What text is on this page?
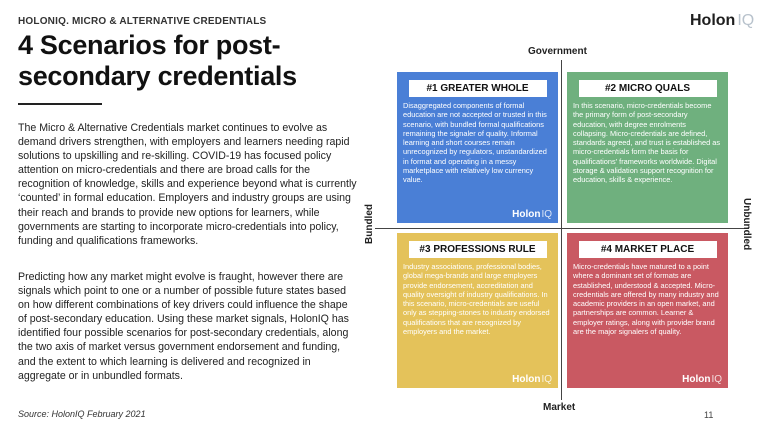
HOLONIQ. MICRO & ALTERNATIVE CREDENTIALS	Holon IQ
4 Scenarios for post-secondary credentials

The Micro & Alternative Credentials market continues to evolve as demand drivers strengthen, with employers and learners needing rapid solutions to upskilling and re-skilling. COVID-19 has focused policy attention on micro-credentials and there are broad calls for the recognition of knowledge, skills and experience beyond what is currently ‘counted’ in formal education. Employers and industry groups are using their reach and brands to provide new options for learners, while governments are starting to incorporate micro-credentials into policy, funding and qualifications frameworks.

Predicting how any market might evolve is fraught, however there are signals which point to one or a number of possible future states based on how different combinations of key drivers could influence the shape of post-secondary education. Using these market signals, HolonIQ has identified four possible scenarios for post-secondary credentials, along the two axis of market versus government endorsement and funding, and the extent to which learning is delivered and recognized in aggregate or in unbundled formats.

Source: HolonIQ February 2021	11
Government
Market
Bundled	Unbundled
#1 GREATER WHOLE

Disaggregated components of formal education are not accepted or trusted in this scenario, with bundled formal qualifications remaining the signaler of quality. Informal learning and short courses remain unrecognized by regulators, unstandardized in format and operating in a messy marketplace with relatively low currency value.

HolonIQ
#2 MICRO QUALS

In this scenario, micro-credentials become the primary form of post-secondary education, with degree enrolments collapsing. Micro-credentials are defined, standards agreed, and trust is established as micro-credentials form the basis for qualifications’ frameworks worldwide. Digital storage & validation support recognition for education, skills & experience.

#3 PROFESSIONS RULE

Industry associations, professional bodies, global mega-brands and large employers provide endorsement, accreditation and quality oversight of industry qualifications. In this scenario, micro-credentials are useful only as stepping-stones to industry endorsed qualifications that are recognized by employers and the market.

HolonIQ
#4 MARKET PLACE

Micro-credentials have matured to a point where a dominant set of formats are established, understood & accepted. Micro-credentials are offered by many industry and academic providers in an open market, and partnerships are common. Learner & employer ratings, along with provider brand are the major signalers of quality.

HolonIQ
